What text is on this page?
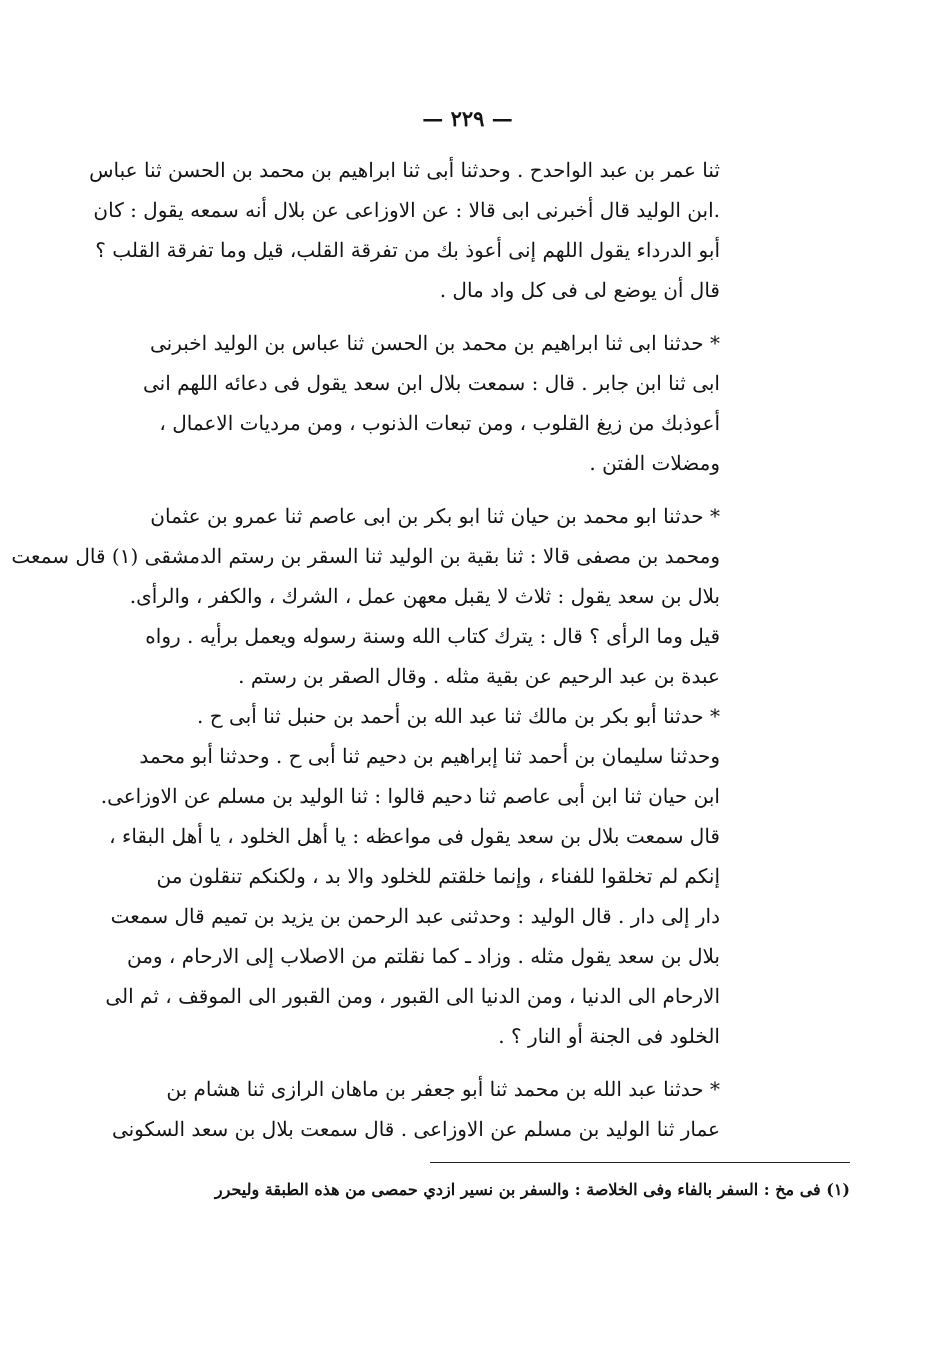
— ٢٢٩ —
ثنا عمر بن عبد الواحدح . وحدثنا أبى ثنا ابراهيم بن محمد بن الحسن ثنا عباس
.ابن الوليد قال أخبرنى ابى قالا : عن الاوزاعى عن بلال أنه سمعه يقول : كان
أبو الدرداء يقول اللهم إنى أعوذ بك من تفرقة القلب، قيل وما تفرقة القلب ؟
قال أن يوضع لى فى كل واد مال .
* حدثنا ابى ثنا ابراهيم بن محمد بن الحسن ثنا عباس بن الوليد اخبرنى
ابى ثنا ابن جابر . قال : سمعت بلال ابن سعد يقول فى دعائه اللهم انى
أعوذبك من زيغ القلوب ، ومن تبعات الذنوب ، ومن مرديات الاعمال ،
ومضلات الفتن .
* حدثنا ابو محمد بن حيان ثنا ابو بكر بن ابى عاصم ثنا عمرو بن عثمان
ومحمد بن مصفى قالا : ثنا بقية بن الوليد ثنا السقر بن رستم الدمشقى (١) قال سمعت
بلال بن سعد يقول : ثلاث لا يقبل معهن عمل ، الشرك ، والكفر ، والرأى.
قيل وما الرأى ؟ قال : يترك كتاب الله وسنة رسوله ويعمل برأيه . رواه
عبدة بن عبد الرحيم عن بقية مثله . وقال الصقر بن رستم .
* حدثنا أبو بكر بن مالك ثنا عبد الله بن أحمد بن حنبل ثنا أبى ح .
وحدثنا سليمان بن أحمد ثنا إبراهيم بن دحيم ثنا أبى ح . وحدثنا أبو محمد
ابن حيان ثنا ابن أبى عاصم ثنا دحيم قالوا : ثنا الوليد بن مسلم عن الاوزاعى.
قال سمعت بلال بن سعد يقول فى مواعظه : يا أهل الخلود ، يا أهل البقاء ،
إنكم لم تخلقوا للفناء ، وإنما خلقتم للخلود والا بد ، ولكنكم تنقلون من
دار إلى دار . قال الوليد : وحدثنى عبد الرحمن بن يزيد بن تميم قال سمعت
بلال بن سعد يقول مثله . وزاد ـ كما نقلتم من الاصلاب إلى الارحام ، ومن
الارحام الى الدنيا ، ومن الدنيا الى القبور ، ومن القبور الى الموقف ، ثم الى
الخلود فى الجنة أو النار ؟ .
* حدثنا عبد الله بن محمد ثنا أبو جعفر بن ماهان الرازى ثنا هشام بن
عمار ثنا الوليد بن مسلم عن الاوزاعى . قال سمعت بلال بن سعد السكونى
(١) فى مخ : السفر بالفاء وفى الخلاصة : والسفر بن نسير ازدي حمصى من هذه الطبقة وليحرر
